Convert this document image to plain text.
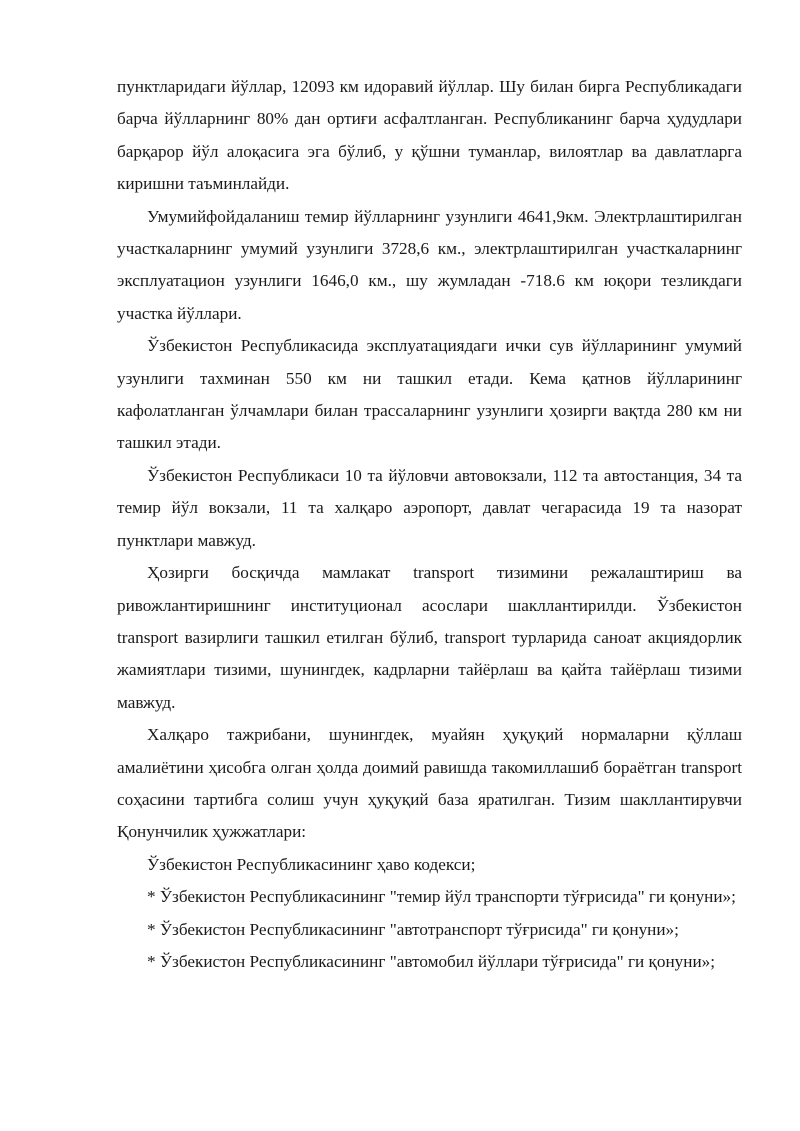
пунктларидаги йўллар, 12093 км идоравий йўллар. Шу билан бирга Республикадаги барча йўлларнинг 80% дан ортиғи асфалтланган. Республиканинг барча ҳудудлари барқарор йўл алоқасига эга бўлиб, у қўшни туманлар, вилоятлар ва давлатларга киришни таъминлайди.

Умумийфойдаланиш темир йўлларнинг узунлиги 4641,9км. Электрлаштирилган участкаларнинг умумий узунлиги 3728,6 км., электрлаштирилган участкаларнинг эксплуатацион узунлиги 1646,0 км., шу жумладан -718.6 км юқори тезликдаги участка йўллари.

Ўзбекистон Республикасида эксплуатациядаги ички сув йўлларининг умумий узунлиги тахминан 550 км ни ташкил етади. Кема қатнов йўлларининг кафолатланган ўлчамлари билан трассаларнинг узунлиги ҳозирги вақтда 280 км ни ташкил этади.

Ўзбекистон Республикаси 10 та йўловчи автовокзали, 112 та автостанция, 34 та темир йўл вокзали, 11 та халқаро аэропорт, давлат чегарасида 19 та назорат пунктлари мавжуд.

Ҳозирги босқичда мамлакат transport тизимини режалаштириш ва ривожлантиришнинг институционал асослари шакллантирилди. Ўзбекистон transport вазирлиги ташкил етилган бўлиб, transport турларида саноат акциядорлик жамиятлари тизими, шунингдек, кадрларни тайёрлаш ва қайта тайёрлаш тизими мавжуд.

Халқаро тажрибани, шунингдек, муайян ҳуқуқий нормаларни қўллаш амалиётини ҳисобга олган ҳолда доимий равишда такомиллашиб бораётган transport соҳасини тартибга солиш учун ҳуқуқий база яратилган. Тизим шакллантирувчи Қонунчилик ҳужжатлари:

Ўзбекистон Республикасининг ҳаво кодекси;

* Ўзбекистон Республикасининг "темир йўл транспорти тўғрисида" ги қонуни»;

* Ўзбекистон Республикасининг "автотранспорт тўғрисида" ги қонуни»;

* Ўзбекистон Республикасининг "автомобил йўллари тўғрисида" ги қонуни»;
